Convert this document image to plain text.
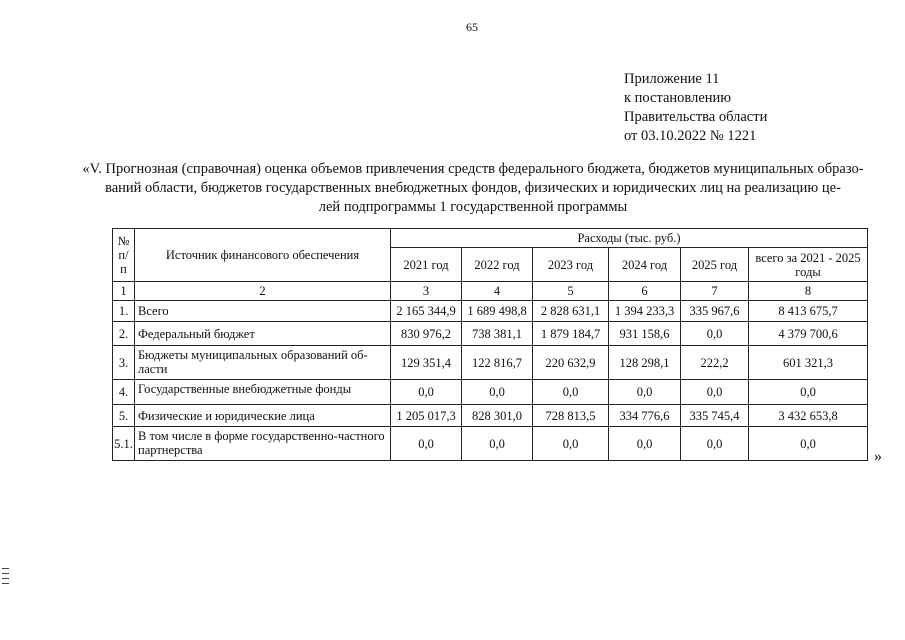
65
Приложение 11
к постановлению
Правительства области
от 03.10.2022 № 1221
«V. Прогнозная (справочная) оценка объемов привлечения средств федерального бюджета, бюджетов муниципальных образо-
ваний области, бюджетов государственных внебюджетных фондов, физических и юридических лиц на реализацию це-
лей подпрограммы 1 государственной программы
№ п/п	Источник финансового обеспечения	Расходы (тыс. руб.)					
		2021 год	2022 год	2023 год	2024 год	2025 год	всего за 2021 - 2025 годы
1	2	3	4	5	6	7	8
1.	Всего	2 165 344,9	1 689 498,8	2 828 631,1	1 394 233,3	335 967,6	8 413 675,7
2.	Федеральный бюджет	830 976,2	738 381,1	1 879 184,7	931 158,6	0,0	4 379 700,6
3.	Бюджеты муниципальных образований об-ласти	129 351,4	122 816,7	220 632,9	128 298,1	222,2	601 321,3
4.	Государственные внебюджетные фонды	0,0	0,0	0,0	0,0	0,0	0,0
5.	Физические и юридические лица	1 205 017,3	828 301,0	728 813,5	334 776,6	335 745,4	3 432 653,8
5.1.	В том числе в форме государственно-частного партнерства	0,0	0,0	0,0	0,0	0,0	0,0
»
